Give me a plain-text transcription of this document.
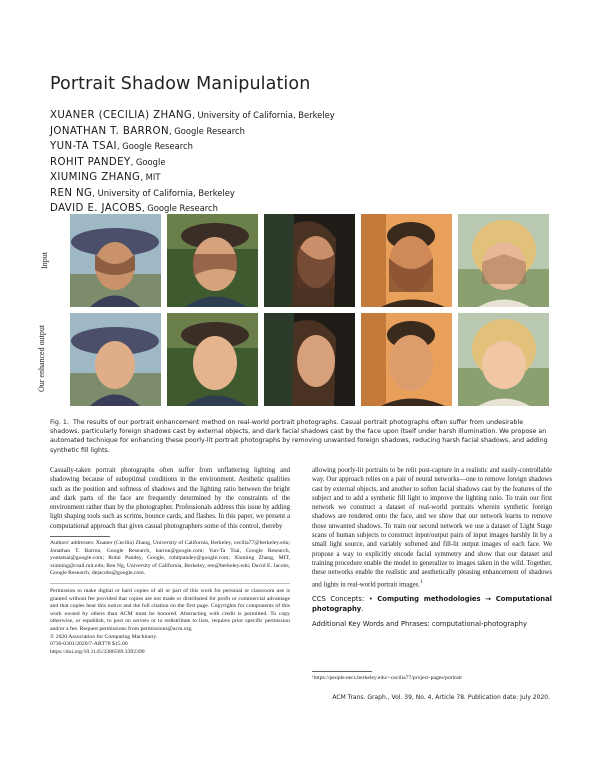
Portrait Shadow Manipulation
XUANER (CECILIA) ZHANG, University of California, Berkeley
JONATHAN T. BARRON, Google Research
YUN-TA TSAI, Google Research
ROHIT PANDEY, Google
XIUMING ZHANG, MIT
REN NG, University of California, Berkeley
DAVID E. JACOBS, Google Research
Input
Our enhanced output
Fig. 1. The results of our portrait enhancement method on real-world portrait photographs. Casual portrait photographs often suffer from undesirable shadows, particularly foreign shadows cast by external objects, and dark facial shadows cast by the face upon itself under harsh illumination. We propose an automated technique for enhancing these poorly-lit portrait photographs by removing unwanted foreign shadows, reducing harsh facial shadows, and adding synthetic fill lights.

Casually-taken portrait photographs often suffer from unflattering lighting and shadowing because of suboptimal conditions in the environment. Aesthetic qualities such as the position and softness of shadows and the lighting ratio between the bright and dark parts of the face are frequently determined by the constraints of the environment rather than by the photographer. Professionals address this issue by adding light shaping tools such as scrims, bounce cards, and flashes. In this paper, we present a computational approach that gives casual photographers some of this control, thereby

Authors' addresses: Xuaner (Cecilia) Zhang, University of California, Berkeley, cecilia77@berkeley.edu; Jonathan T. Barron, Google Research, barron@google.com; Yun-Ta Tsai, Google Research, yuntatsai@google.com; Rohit Pandey, Google, rohitpandey@google.com; Xiuming Zhang, MIT, xiuming@csail.mit.edu; Ren Ng, University of California, Berkeley, ren@berkeley.edu; David E. Jacobs, Google Research, dejacobs@google.com.

Permission to make digital or hard copies of all or part of this work for personal or classroom use is granted without fee provided that copies are not made or distributed for profit or commercial advantage and that copies bear this notice and the full citation on the first page. Copyrights for components of this work owned by others than ACM must be honored. Abstracting with credit is permitted. To copy otherwise, or republish, to post on servers or to redistribute to lists, requires prior specific permission and/or a fee. Request permissions from permissions@acm.org.

© 2020 Association for Computing Machinery.

0730-0301/2020/7-ART78 $15.00

https://doi.org/10.1145/3386569.3392390

allowing poorly-lit portraits to be relit post-capture in a realistic and easily-controllable way. Our approach relies on a pair of neural networks—one to remove foreign shadows cast by external objects, and another to soften facial shadows cast by the features of the subject and to add a synthetic fill light to improve the lighting ratio. To train our first network we construct a dataset of real-world portraits wherein synthetic foreign shadows are rendered onto the face, and we show that our network learns to remove those unwanted shadows. To train our second network we use a dataset of Light Stage scans of human subjects to construct input/output pairs of input images harshly lit by a small light source, and variably softened and fill-lit output images of each face. We propose a way to explicitly encode facial symmetry and show that our dataset and training procedure enable the model to generalize to images taken in the wild. Together, these networks enable the realistic and aesthetically pleasing enhancement of shadows and lights in real-world portrait images.$^1$

CCS Concepts: • Computing methodologies → Computational photography.

Additional Key Words and Phrases: computational-photography

¹https://people.eecs.berkeley.edu/~cecilia77/project-pages/portrait

ACM Trans. Graph., Vol. 39, No. 4, Article 78. Publication date: July 2020.
